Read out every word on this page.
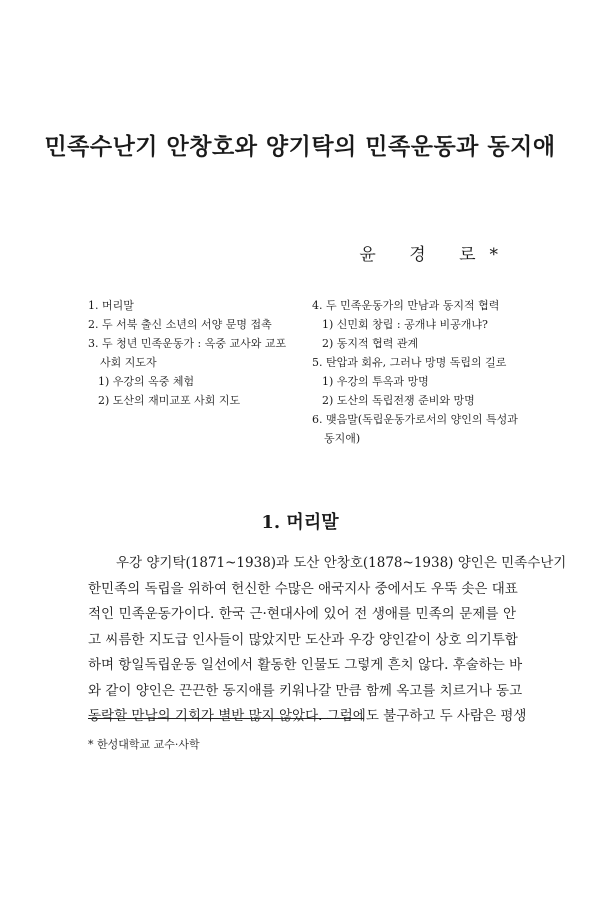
민족수난기 안창호와 양기탁의 민족운동과 동지애
윤 경 로*
1. 머리말
2. 두 서북 출신 소년의 서양 문명 접촉
3. 두 청년 민족운동가 : 옥중 교사와 교포
사회 지도자
1) 우강의 옥중 체험
2) 도산의 재미교포 사회 지도
4. 두 민족운동가의 만남과 동지적 협력
1) 신민회 창립 : 공개냐 비공개냐?
2) 동지적 협력 관계
5. 탄압과 회유, 그러나 망명 독립의 길로
1) 우강의 투옥과 망명
2) 도산의 독립전쟁 준비와 망명
6. 맺음말(독립운동가로서의 양인의 특성과
동지애)
1. 머리말
우강 양기탁(1871~1938)과 도산 안창호(1878~1938) 양인은 민족수난기
한민족의 독립을 위하여 헌신한 수많은 애국지사 중에서도 우뚝 솟은 대표
적인 민족운동가이다. 한국 근·현대사에 있어 전 생애를 민족의 문제를 안
고 씨름한 지도급 인사들이 많았지만 도산과 우강 양인같이 상호 의기투합
하며 항일독립운동 일선에서 활동한 인물도 그렇게 흔치 않다. 후술하는 바
와 같이 양인은 끈끈한 동지애를 키워나갈 만큼 함께 옥고를 치르거나 동고
동락할 만남의 기회가 별반 많지 않았다. 그럼에도 불구하고 두 사람은 평생
* 한성대학교 교수·사학
